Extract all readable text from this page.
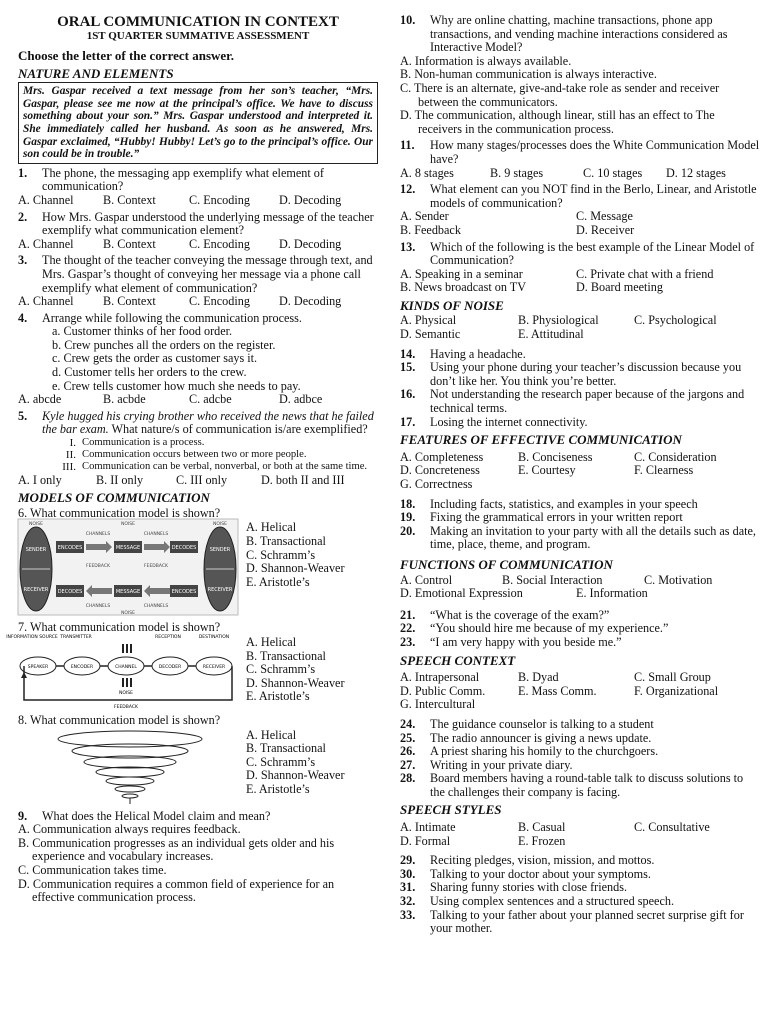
ORAL COMMUNICATION IN CONTEXT
1ST QUARTER SUMMATIVE ASSESSMENT
Choose the letter of the correct answer.
NATURE AND ELEMENTS
Mrs. Gaspar received a text message from her son’s teacher, “Mrs. Gaspar, please see me now at the principal’s office. We have to discuss something about your son.” Mrs. Gaspar understood and interpreted it. She immediately called her husband. As soon as he answered, Mrs. Gaspar exclaimed, “Hubby! Hubby! Let’s go to the principal’s office. Our son could be in trouble.”
1.	The phone, the messaging app exemplify what element of communication?
A. Channel	B. Context	C. Encoding	D. Decoding
2.	How Mrs. Gaspar understood the underlying message of the teacher exemplify what communication element?
A. Channel	B. Context	C. Encoding	D. Decoding
3.	The thought of the teacher conveying the message through text, and Mrs. Gaspar’s thought of conveying her message via a phone call exemplify what element of communication?
A. Channel	B. Context	C. Encoding	D. Decoding
4.	Arrange while following the communication process.
a. Customer thinks of her food order.
b. Crew punches all the orders on the register.
c. Crew gets the order as customer says it.
d. Customer tells her orders to the crew.
e. Crew tells customer how much she needs to pay.
A. abcde	B. acbde	C. adcbe	D. adbce
5.	Kyle hugged his crying brother who received the news that he failed the bar exam. What nature/s of communication is/are exemplified?
I. Communication is a process.
II. Communication occurs between two or more people.
III. Communication can be verbal, nonverbal, or both at the same time.
A. I only	B. II only	C. III only	D. both II and III
MODELS OF COMMUNICATION
6. What communication model is shown?
SENDER
RECEIVER
SENDER
RECEIVER
ENCODES	MESSAGE	DECODES
DECODES	MESSAGE	ENCODES
CHANNELS	CHANNELS
CHANNELS	CHANNELS
FEEDBACK	FEEDBACK
NOISE	NOISE	NOISE
NOISE
A. Helical
B. Transactional
C. Schramm’s
D. Shannon-Weaver
E. Aristotle’s
7. What communication model is shown?
INFORMATION SOURCE TRANSMITTER	RECEPTION	DESTINATION
SPEAKER	ENCODER	CHANNEL	DECODER	RECEIVER
NOISE
FEEDBACK
A. Helical
B. Transactional
C. Schramm’s
D. Shannon-Weaver
E. Aristotle’s
8. What communication model is shown?
A. Helical
B. Transactional
C. Schramm’s
D. Shannon-Weaver
E. Aristotle’s
9.	What does the Helical Model claim and mean?
A. Communication always requires feedback.
B. Communication progresses as an individual gets older and his experience and vocabulary increases.
C. Communication takes time.
D. Communication requires a common field of experience for an effective communication process.
10.	Why are online chatting, machine transactions, phone app transactions, and vending machine interactions considered as Interactive Model?
A. Information is always available.
B. Non-human communication is always interactive.
C. There is an alternate, give-and-take role as sender and receiver between the communicators.
D. The communication, although linear, still has an effect to The receivers in the communication process.
11.	How many stages/processes does the White Communication Model have?
A. 8 stages	B. 9 stages	C. 10 stages	D. 12 stages
12.	What element can you NOT find in the Berlo, Linear, and Aristotle models of communication?
A. Sender	C. Message
B. Feedback	D. Receiver
13.	Which of the following is the best example of the Linear Model of Communication?
A. Speaking in a seminar	C. Private chat with a friend
B. News broadcast on TV	D. Board meeting
KINDS OF NOISE
A. Physical	B. Physiological	C. Psychological
D. Semantic	E. Attitudinal
14.	Having a headache.
15.	Using your phone during your teacher’s discussion because you don’t like her. You think you’re better.
16.	Not understanding the research paper because of the jargons and technical terms.
17.	Losing the internet connectivity.
FEATURES OF EFFECTIVE COMMUNICATION
A. Completeness	B. Conciseness	C. Consideration
D. Concreteness	E. Courtesy	F. Clearness
G. Correctness
18.	Including facts, statistics, and examples in your speech
19.	Fixing the grammatical errors in your written report
20.	Making an invitation to your party with all the details such as date, time, place, theme, and program.
FUNCTIONS OF COMMUNICATION
A. Control	B. Social Interaction	C. Motivation
D. Emotional Expression	E. Information
21.	“What is the coverage of the exam?”
22.	“You should hire me because of my experience.”
23.	“I am very happy with you beside me.”
SPEECH CONTEXT
A. Intrapersonal	B. Dyad	C. Small Group
D. Public Comm.	E. Mass Comm.	F. Organizational
G. Intercultural
24.	The guidance counselor is talking to a student
25.	The radio announcer is giving a news update.
26.	A priest sharing his homily to the churchgoers.
27.	Writing in your private diary.
28.	Board members having a round-table talk to discuss solutions to the challenges their company is facing.
SPEECH STYLES
A. Intimate	B. Casual	C. Consultative
D. Formal	E. Frozen
29.	Reciting pledges, vision, mission, and mottos.
30.	Talking to your doctor about your symptoms.
31.	Sharing funny stories with close friends.
32.	Using complex sentences and a structured speech.
33.	Talking to your father about your planned secret surprise gift for your mother.
